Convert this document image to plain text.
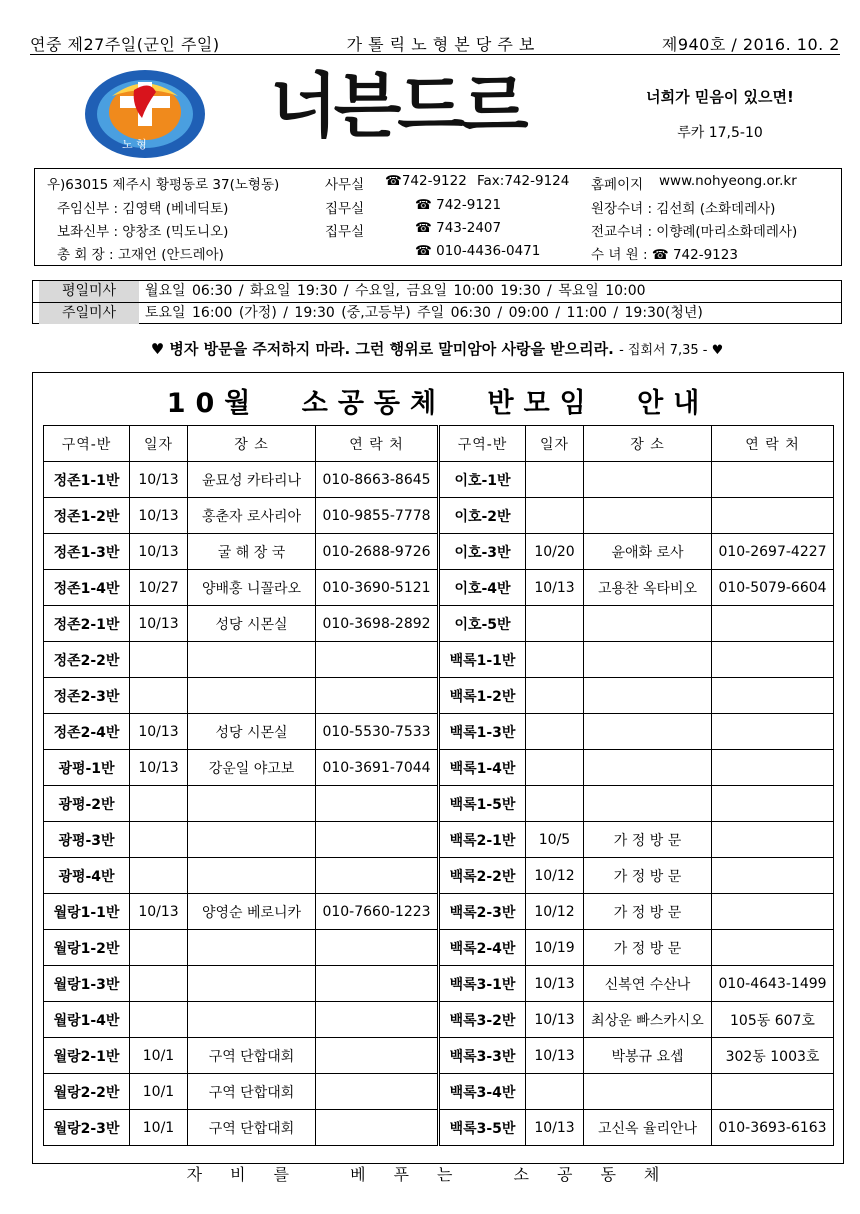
연중 제27주일(군인 주일)	가 톨 릭 노 형 본 당 주 보	제940호 / 2016. 10. 2
노 형 너븐드르	너희가 믿음이 있으면!
루카 17,5-10
우)63015 제주시 황평동로 37(노형동)	사무실 ☎742-9122 Fax:742-9124 홈페이지 www.nohyeong.or.kr
주임신부 : 김영택 (베네딕토)	집무실	☎ 742-9121	원장수녀 : 김선희 (소화데레사)
보좌신부 : 양창조 (믹도니오)	집무실	☎ 743-2407	전교수녀 : 이향례(마리소화데레사)
총 회 장 : 고재언 (안드레아)	☎ 010-4436-0471	수 녀 원 : ☎ 742-9123
평일미사	월요일 06:30 / 화요일 19:30 / 수요일, 금요일 10:00 19:30 / 목요일 10:00
주일미사	토요일 16:00 (가정) / 19:30 (중,고등부) 주일 06:30 / 09:00 / 11:00 / 19:30(청년)
♥ 병자 방문을 주저하지 마라. 그런 행위로 말미암아 사랑을 받으리라. - 집회서 7,35 - ♥
10월 소공동체 반모임 안내
구역-반	일자	장 소	연 락 처
정존1-1반	10/13	윤묘성 카타리나	010-8663-8645
정존1-2반	10/13	홍춘자 로사리아	010-9855-7778
정존1-3반	10/13	굴 해 장 국	010-2688-9726
정존1-4반	10/27	양배홍 니꼴라오	010-3690-5121
정존2-1반	10/13	성당 시몬실	010-3698-2892
정존2-2반			
정존2-3반			
정존2-4반	10/13	성당 시몬실	010-5530-7533
광평-1반	10/13	강운일 야고보	010-3691-7044
광평-2반			
광평-3반			
광평-4반			
월랑1-1반	10/13	양영순 베로니카	010-7660-1223
월랑1-2반			
월랑1-3반			
월랑1-4반			
월랑2-1반	10/1	구역 단합대회	
월랑2-2반	10/1	구역 단합대회	
월랑2-3반	10/1	구역 단합대회	
구역-반	일자	장 소	연 락 처
이호-1반			
이호-2반			
이호-3반	10/20	윤애화 로사	010-2697-4227
이호-4반	10/13	고용찬 옥타비오	010-5079-6604
이호-5반			
백록1-1반			
백록1-2반			
백록1-3반			
백록1-4반			
백록1-5반			
백록2-1반	10/5	가 정 방 문	
백록2-2반	10/12	가 정 방 문	
백록2-3반	10/12	가 정 방 문	
백록2-4반	10/19	가 정 방 문	
백록3-1반	10/13	신복연 수산나	010-4643-1499
백록3-2반	10/13	최상운 빠스카시오	105동 607호
백록3-3반	10/13	박봉규 요셉	302동 1003호
백록3-4반			
백록3-5반	10/13	고신옥 율리안나	010-3693-6163
자비를 베푸는 소공동체
